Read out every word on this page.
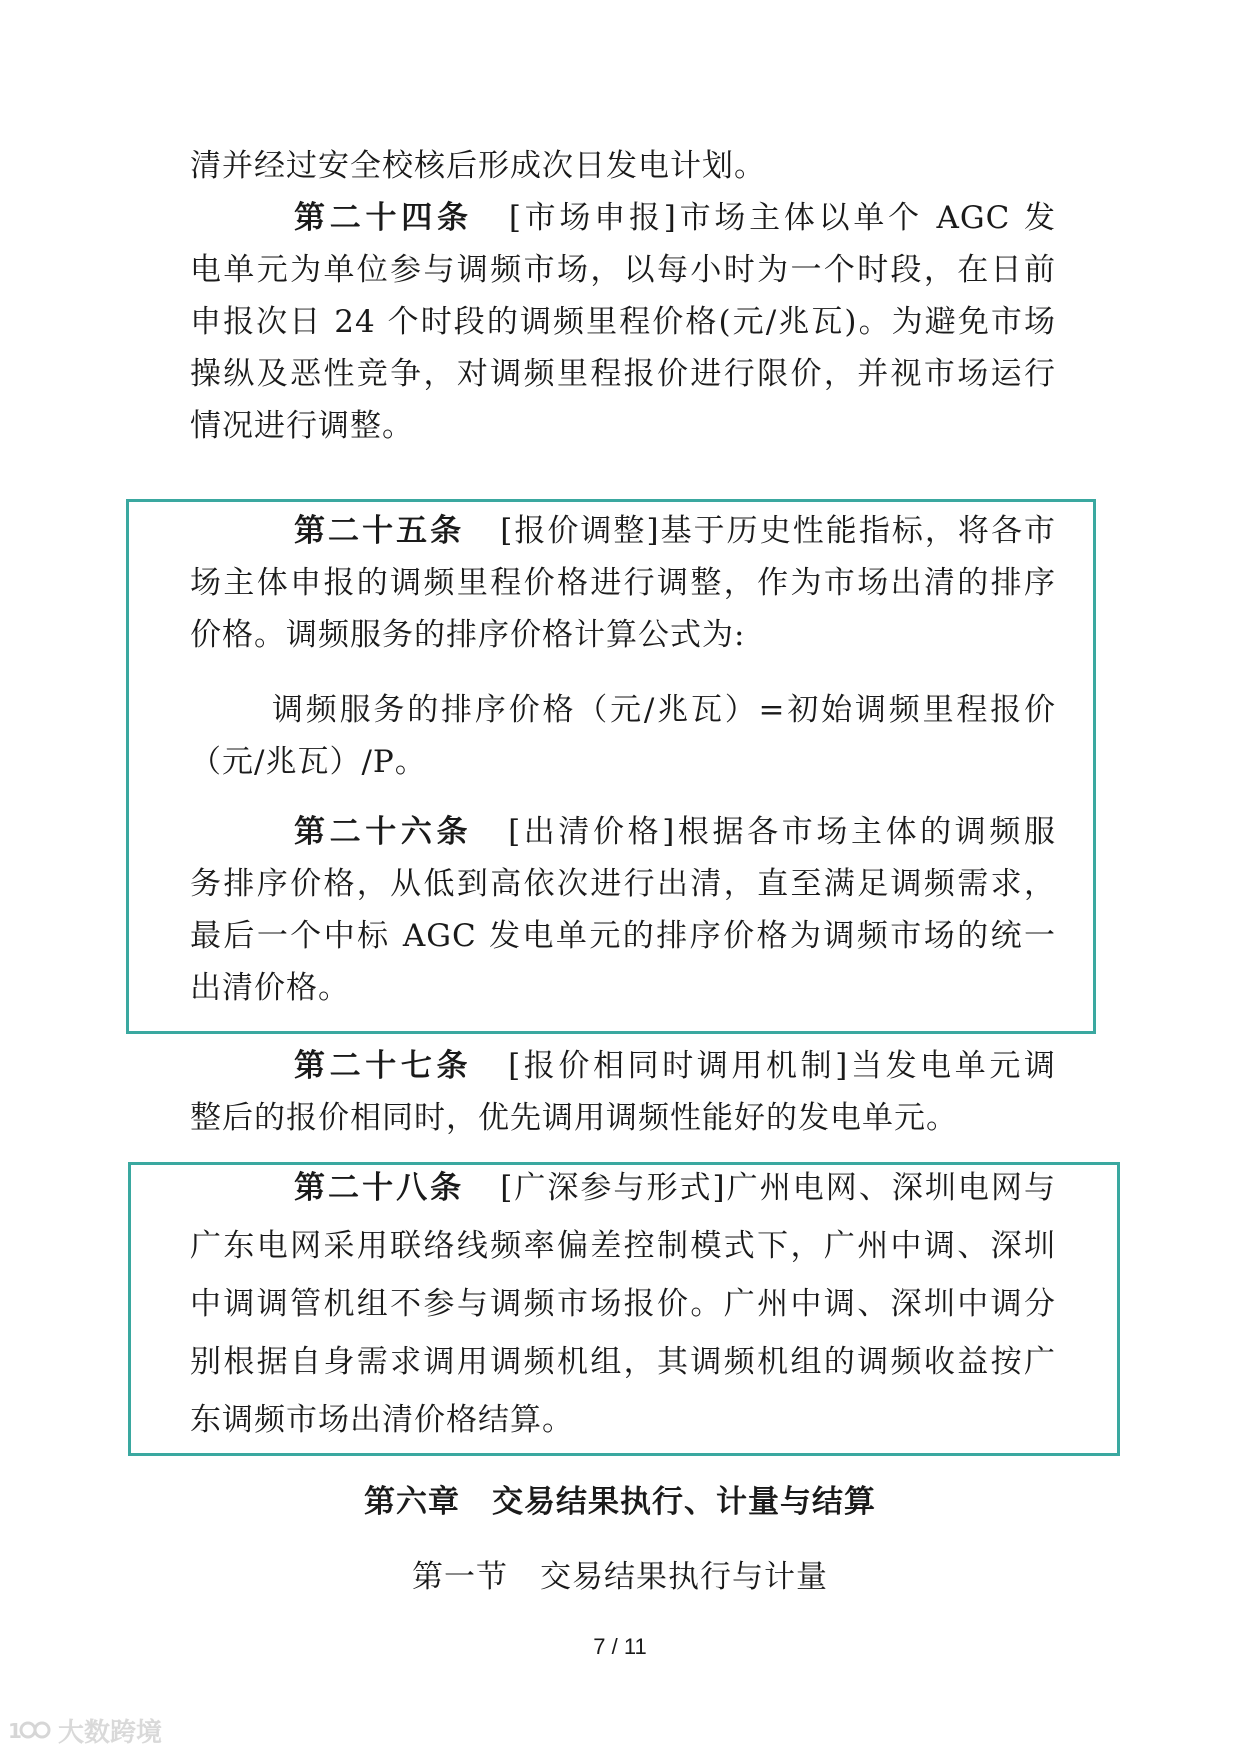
清并经过安全校核后形成次日发电计划。
第二十四条 [市场申报]市场主体以单个 AGC 发
电单元为单位参与调频市场，以每小时为一个时段，在日前
申报次日 24 个时段的调频里程价格(元/兆瓦)。为避免市场
操纵及恶性竞争，对调频里程报价进行限价，并视市场运行
情况进行调整。
第二十五条 [报价调整]基于历史性能指标，将各市
场主体申报的调频里程价格进行调整，作为市场出清的排序
价格。调频服务的排序价格计算公式为:
调频服务的排序价格（元/兆瓦）=初始调频里程报价
（元/兆瓦）/P。
第二十六条 [出清价格]根据各市场主体的调频服
务排序价格，从低到高依次进行出清，直至满足调频需求，
最后一个中标 AGC 发电单元的排序价格为调频市场的统一
出清价格。
第二十七条 [报价相同时调用机制]当发电单元调
整后的报价相同时，优先调用调频性能好的发电单元。
第二十八条 [广深参与形式]广州电网、深圳电网与
广东电网采用联络线频率偏差控制模式下，广州中调、深圳
中调调管机组不参与调频市场报价。广州中调、深圳中调分
别根据自身需求调用调频机组，其调频机组的调频收益按广
东调频市场出清价格结算。
第六章　交易结果执行、计量与结算
第一节　交易结果执行与计量
7 / 11
1 大数跨境
